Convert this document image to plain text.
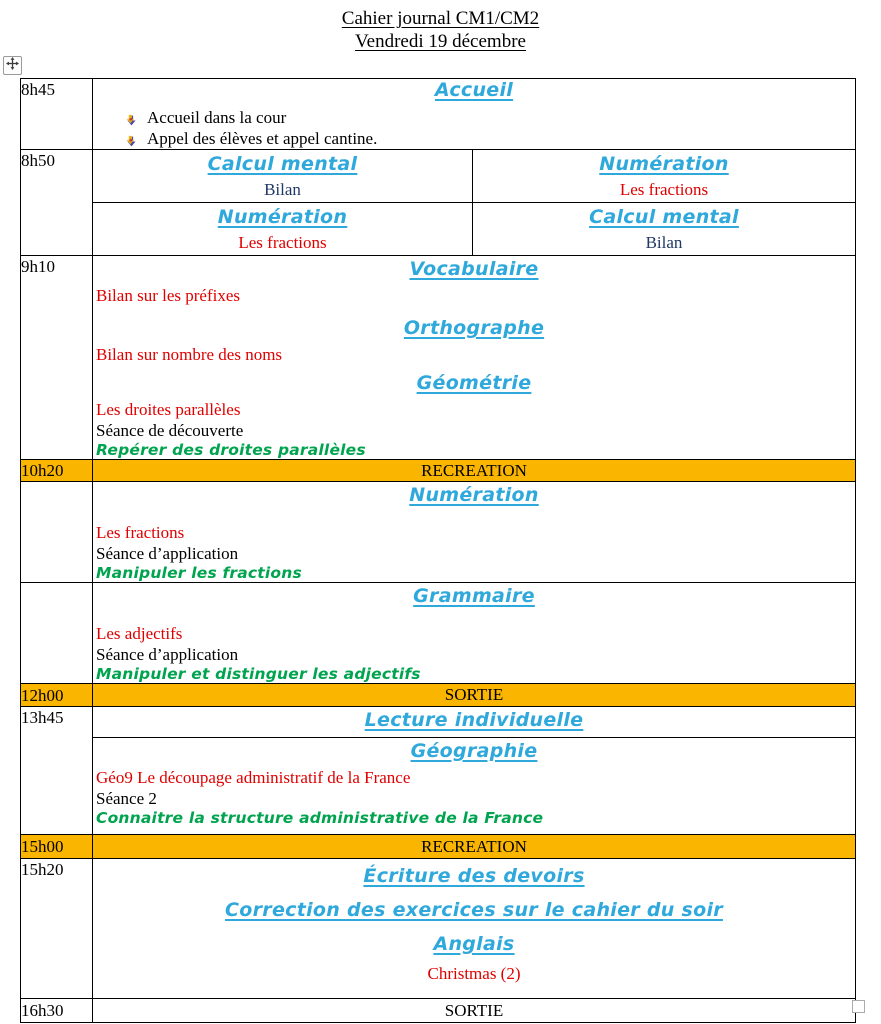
Cahier journal CM1/CM2
Vendredi 19 décembre
8h45	Accueil
Accueil dans la cour
Appel des élèves et appel cantine.

8h50	Calcul mental
Bilan
Numération
Les fractions
Numération
Les fractions
Calcul mental
Bilan

9h10	Vocabulaire
Bilan sur les préfixes
Orthographe
Bilan sur nombre des noms
Géométrie
Les droites parallèles
Séance de découverte
Repérer des droites parallèles

10h20	RECREATION

	Numération
Les fractions
Séance d’application
Manipuler les fractions

	Grammaire
Les adjectifs
Séance d’application
Manipuler et distinguer les adjectifs

12h00	SORTIE
13h45	Lecture individuelle

	Géographie
Géo9 Le découpage administratif de la France
Séance 2
Connaitre la structure administrative de la France

15h00	RECREATION
15h20	Écriture des devoirs
Correction des exercices sur le cahier du soir
Anglais
Christmas (2)

16h30	SORTIE
